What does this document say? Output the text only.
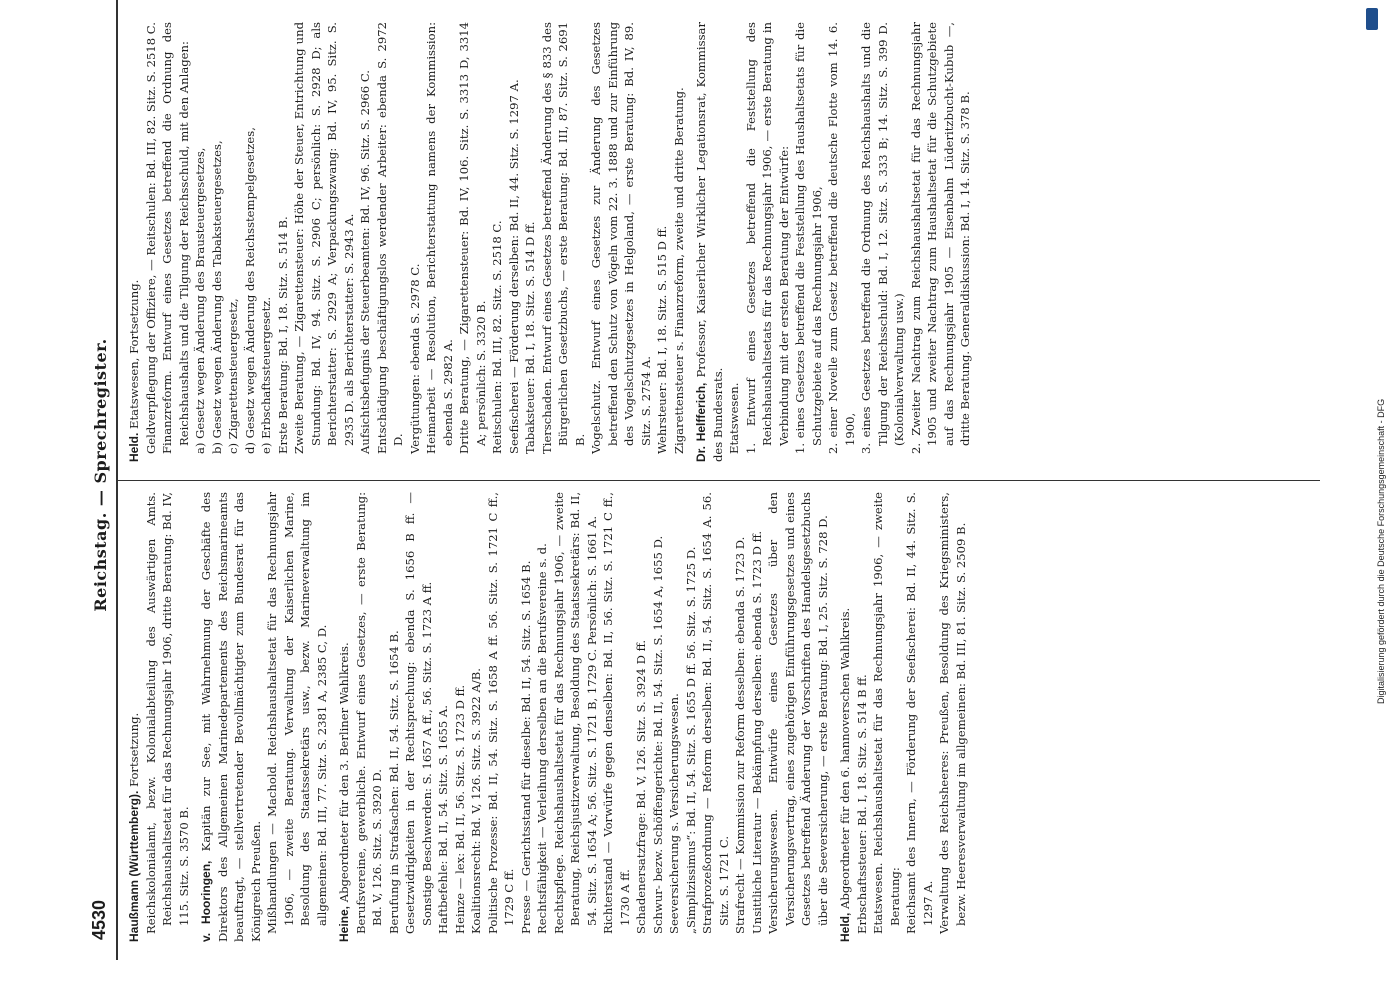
4530
Reichstag. — Sprechregister.
Haußmann (Württemberg). Fortsetzung. Reichskolonialamt, bezw. Kolonialabteilung des Auswärtigen Amts. Reichshaushaltsetat für das Rechnungsjahr 1906, dritte Beratung: Bd. IV, 115. Sitz. S. 3570 B. v. Hooringen, Kapitän zur See, mit Wahrnehmung der Geschäfte des Direktors des Allgemeinen Marinedepartements des Reichsmarineamts beauftragt, — stellvertretender Bevollmächtigter zum Bundesrat für das Königreich Preußen. Mißhandlungen — Machold. Reichshaushaltsetat für das Rechnungsjahr 1906, — zweite Beratung. Verwaltung der Kaiserlichen Marine, Besoldung des Staatssekretärs usw., bezw. Marineverwaltung im allgemeinen: Bd. III, 77. Sitz. S. 2381 A, 2385 C, D. Heine, Abgeordneter für den 3. Berliner Wahlkreis. Berufsvereine, gewerbliche. Entwurf eines Gesetzes, — erste Beratung: Bd. V, 126. Sitz. S. 3920 D. Berufung in Strafsachen: Bd. II, 54. Sitz. S. 1654 B. Gesetzwidrigkeiten in der Rechtsprechung: ebenda S. 1656 B ff. — Sonstige Beschwerden: S. 1657 A ff., 56. Sitz. S. 1723 A ff. Haftbefehle: Bd. II, 54. Sitz. S. 1655 A. Heinze — lex: Bd. II, 56. Sitz. S. 1723 D ff. Koalitionsrecht: Bd. V, 126. Sitz. S. 3922 A/B. Politische Prozesse: Bd. II, 54. Sitz. S. 1658 A ff. 56. Sitz. S. 1721 C ff., 1729 C ff. Presse — Gerichtsstand für dieselbe: Bd. II, 54. Sitz. S. 1654 B. Rechtsfähigkeit — Verleihung derselben an die Berufsvereine s. d. Rechtspflege. Reichshaushaltsetat für das Rechnungsjahr 1906, — zweite Beratung, Reichsjustizverwaltung, Besoldung des Staatssekretärs: Bd. II, 54. Sitz. S. 1654 A; 56. Sitz. S. 1721 B, 1729 C. Persönlich: S. 1661 A. Richterstand — Vorwürfe gegen denselben: Bd. II, 56. Sitz. S. 1721 C ff., 1730 A ff. Schadenersatzfrage: Bd. V, 126. Sitz. S. 3924 D ff. Schwur- bezw. Schöffengerichte: Bd. II, 54. Sitz. S. 1654 A, 1655 D. Seeversicherung s. Versicherungswesen. „Simplizissimus“: Bd. II, 54. Sitz. S. 1655 D ff. 56. Sitz. S. 1725 D. Strafprozeßordnung — Reform derselben: Bd. II, 54. Sitz. S. 1654 A. 56. Sitz. S. 1721 C. Strafrecht — Kommission zur Reform desselben: ebenda S. 1723 D. Unsittliche Literatur — Bekämpfung derselben: ebenda S. 1723 D ff. Versicherungswesen. Entwürfe eines Gesetzes über den Versicherungsvertrag, eines zugehörigen Einführungsgesetzes und eines Gesetzes betreffend Änderung der Vorschriften des Handelsgesetzbuchs über die Seeversicherung, — erste Beratung: Bd. I, 25. Sitz. S. 728 D.
Held, Abgeordneter für den 6. hannoverschen Wahlkreis. Erbschaftssteuer: Bd. I, 18. Sitz. S. 514 B ff. Etatswesen. Reichshaushaltsetat für das Rechnungsjahr 1906, — zweite Beratung: Reichsamt des Innern, — Förderung der Seefischerei: Bd. II, 44. Sitz. S. 1297 A. Verwaltung des Reichsheeres: Preußen, Besoldung des Kriegsministers, bezw. Heeresverwaltung im allgemeinen: Bd. III, 81. Sitz. S. 2509 B.
Held. Etatswesen, Fortsetzung. Geldverpflegung der Offiziere, — Reitschulen: Bd. III, 82. Sitz. S. 2518 C. Finanzreform. Entwurf eines Gesetzes betreffend die Ordnung des Reichshaushalts und die Tilgung der Reichsschuld, mit den Anlagen: a) Gesetz wegen Änderung des Brausteuergesetzes, b) Gesetz wegen Änderung des Tabaksteuergesetzes, c) Zigarettensteuergesetz, d) Gesetz wegen Änderung des Reichsstempelgesetzes, e) Erbschaftssteuergesetz. Erste Beratung: Bd. I, 18. Sitz. S. 514 B. Zweite Beratung, — Zigarettensteuer: Höhe der Steuer, Entrichtung und Stundung: Bd. IV, 94. Sitz. S. 2906 C; persönlich: S. 2928 D; als Berichterstatter: S. 2929 A; Verpackungszwang: Bd. IV, 95. Sitz. S. 2935 D. als Berichterstatter: S. 2943 A. Aufsichtsbefugnis der Steuerbeamten: Bd. IV, 96. Sitz. S. 2966 C. Entschädigung beschäftigungslos werdender Arbeiter: ebenda S. 2972 D. Vergütungen: ebenda S. 2978 C. Heimarbeit — Resolution, Berichterstattung namens der Kommission: ebenda S. 2982 A. Dritte Beratung, — Zigarettensteuer: Bd. IV, 106. Sitz. S. 3313 D, 3314 A; persönlich: S. 3320 B. Reitschulen: Bd. III, 82. Sitz. S. 2518 C. Seefischerei — Förderung derselben: Bd. II, 44. Sitz. S. 1297 A. Tabaksteuer: Bd. I, 18. Sitz. S. 514 D ff. Tierschaden. Entwurf eines Gesetzes betreffend Änderung des § 833 des Bürgerlichen Gesetzbuchs, — erste Beratung: Bd. III, 87. Sitz. S. 2691 B. Vogelschutz. Entwurf eines Gesetzes zur Änderung des Gesetzes betreffend den Schutz von Vögeln vom 22. 3. 1888 und zur Einführung des Vogelschutzgesetzes in Helgoland, — erste Beratung: Bd. IV, 89. Sitz. S. 2754 A. Wehrsteuer: Bd. I, 18. Sitz. S. 515 D ff. Zigarettensteuer s. Finanzreform, zweite und dritte Beratung. Dr. Helfferich, Professor, Kaiserlicher Wirklicher Legationsrat, Kommissar des Bundesrats. Etatswesen. 1. Entwurf eines Gesetzes betreffend die Feststellung des Reichshaushaltsetats für das Rechnungsjahr 1906, — erste Beratung in Verbindung mit der ersten Beratung der Entwürfe: 1. eines Gesetzes betreffend die Feststellung des Haushaltsetats für die Schutzgebiete auf das Rechnungsjahr 1906, 2. einer Novelle zum Gesetz betreffend die deutsche Flotte vom 14. 6. 1900, 3. eines Gesetzes betreffend die Ordnung des Reichshaushalts und die Tilgung der Reichsschuld: Bd. I, 12. Sitz. S. 333 B; 14. Sitz. S. 399 D. (Kolonialverwaltung usw.) 2. Zweiter Nachtrag zum Reichshaushaltsetat für das Rechnungsjahr 1905 und zweiter Nachtrag zum Haushaltsetat für die Schutzgebiete auf das Rechnungsjahr 1905 — Eisenbahn Lüderitzbucht-Kubub —, dritte Beratung. Generaldiskussion: Bd. I, 14. Sitz. S. 378 B.
Digitalisierung gefördert durch die Deutsche Forschungsgemeinschaft - DFG
